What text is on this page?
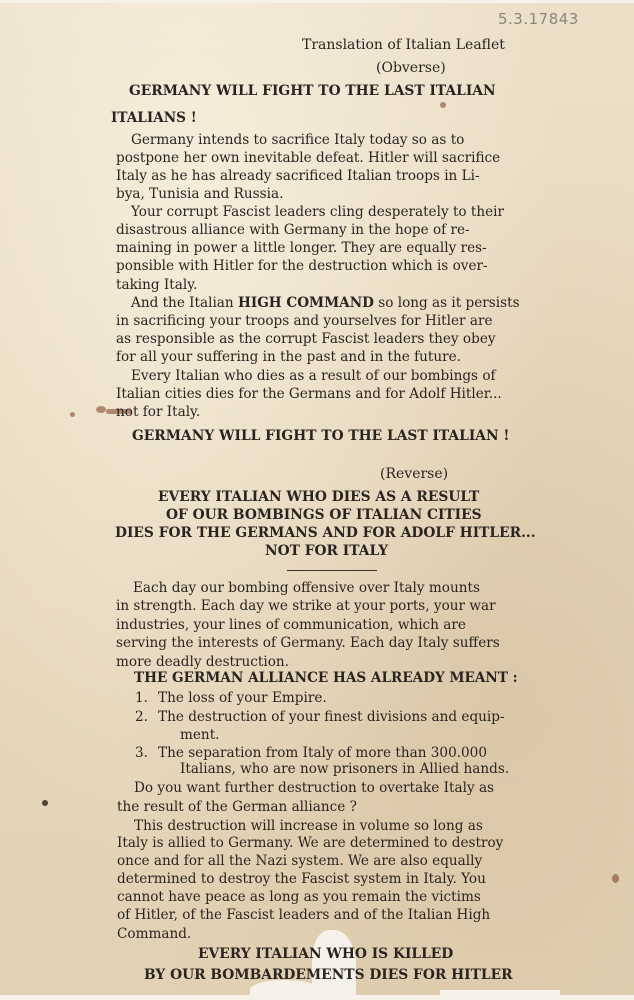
5.3.17843
Translation of Italian Leaflet
(Obverse)
GERMANY WILL FIGHT TO THE LAST ITALIAN
ITALIANS !
Germany intends to sacrifice Italy today so as to
postpone her own inevitable defeat. Hitler will sacrifice
Italy as he has already sacrificed Italian troops in Li-
bya, Tunisia and Russia.
Your corrupt Fascist leaders cling desperately to their
disastrous alliance with Germany in the hope of re-
maining in power a little longer. They are equally res-
ponsible with Hitler for the destruction which is over-
taking Italy.
And the Italian HIGH COMMAND so long as it persists
in sacrificing your troops and yourselves for Hitler are
as responsible as the corrupt Fascist leaders they obey
for all your suffering in the past and in the future.
Every Italian who dies as a result of our bombings of
Italian cities dies for the Germans and for Adolf Hitler...
not for Italy.
GERMANY WILL FIGHT TO THE LAST ITALIAN !
(Reverse)
EVERY ITALIAN WHO DIES AS A RESULT
OF OUR BOMBINGS OF ITALIAN CITIES
DIES FOR THE GERMANS AND FOR ADOLF HITLER...
NOT FOR ITALY
Each day our bombing offensive over Italy mounts
in strength. Each day we strike at your ports, your war
industries, your lines of communication, which are
serving the interests of Germany. Each day Italy suffers
more deadly destruction.
THE GERMAN ALLIANCE HAS ALREADY MEANT :
1. The loss of your Empire.
2. The destruction of your finest divisions and equip-
ment.
3. The separation from Italy of more than 300.000
Italians, who are now prisoners in Allied hands.
Do you want further destruction to overtake Italy as
the result of the German alliance ?
This destruction will increase in volume so long as
Italy is allied to Germany. We are determined to destroy
once and for all the Nazi system. We are also equally
determined to destroy the Fascist system in Italy. You
cannot have peace as long as you remain the victims
of Hitler, of the Fascist leaders and of the Italian High
Command.
EVERY ITALIAN WHO IS KILLED
BY OUR BOMBARDEMENTS DIES FOR HITLER
